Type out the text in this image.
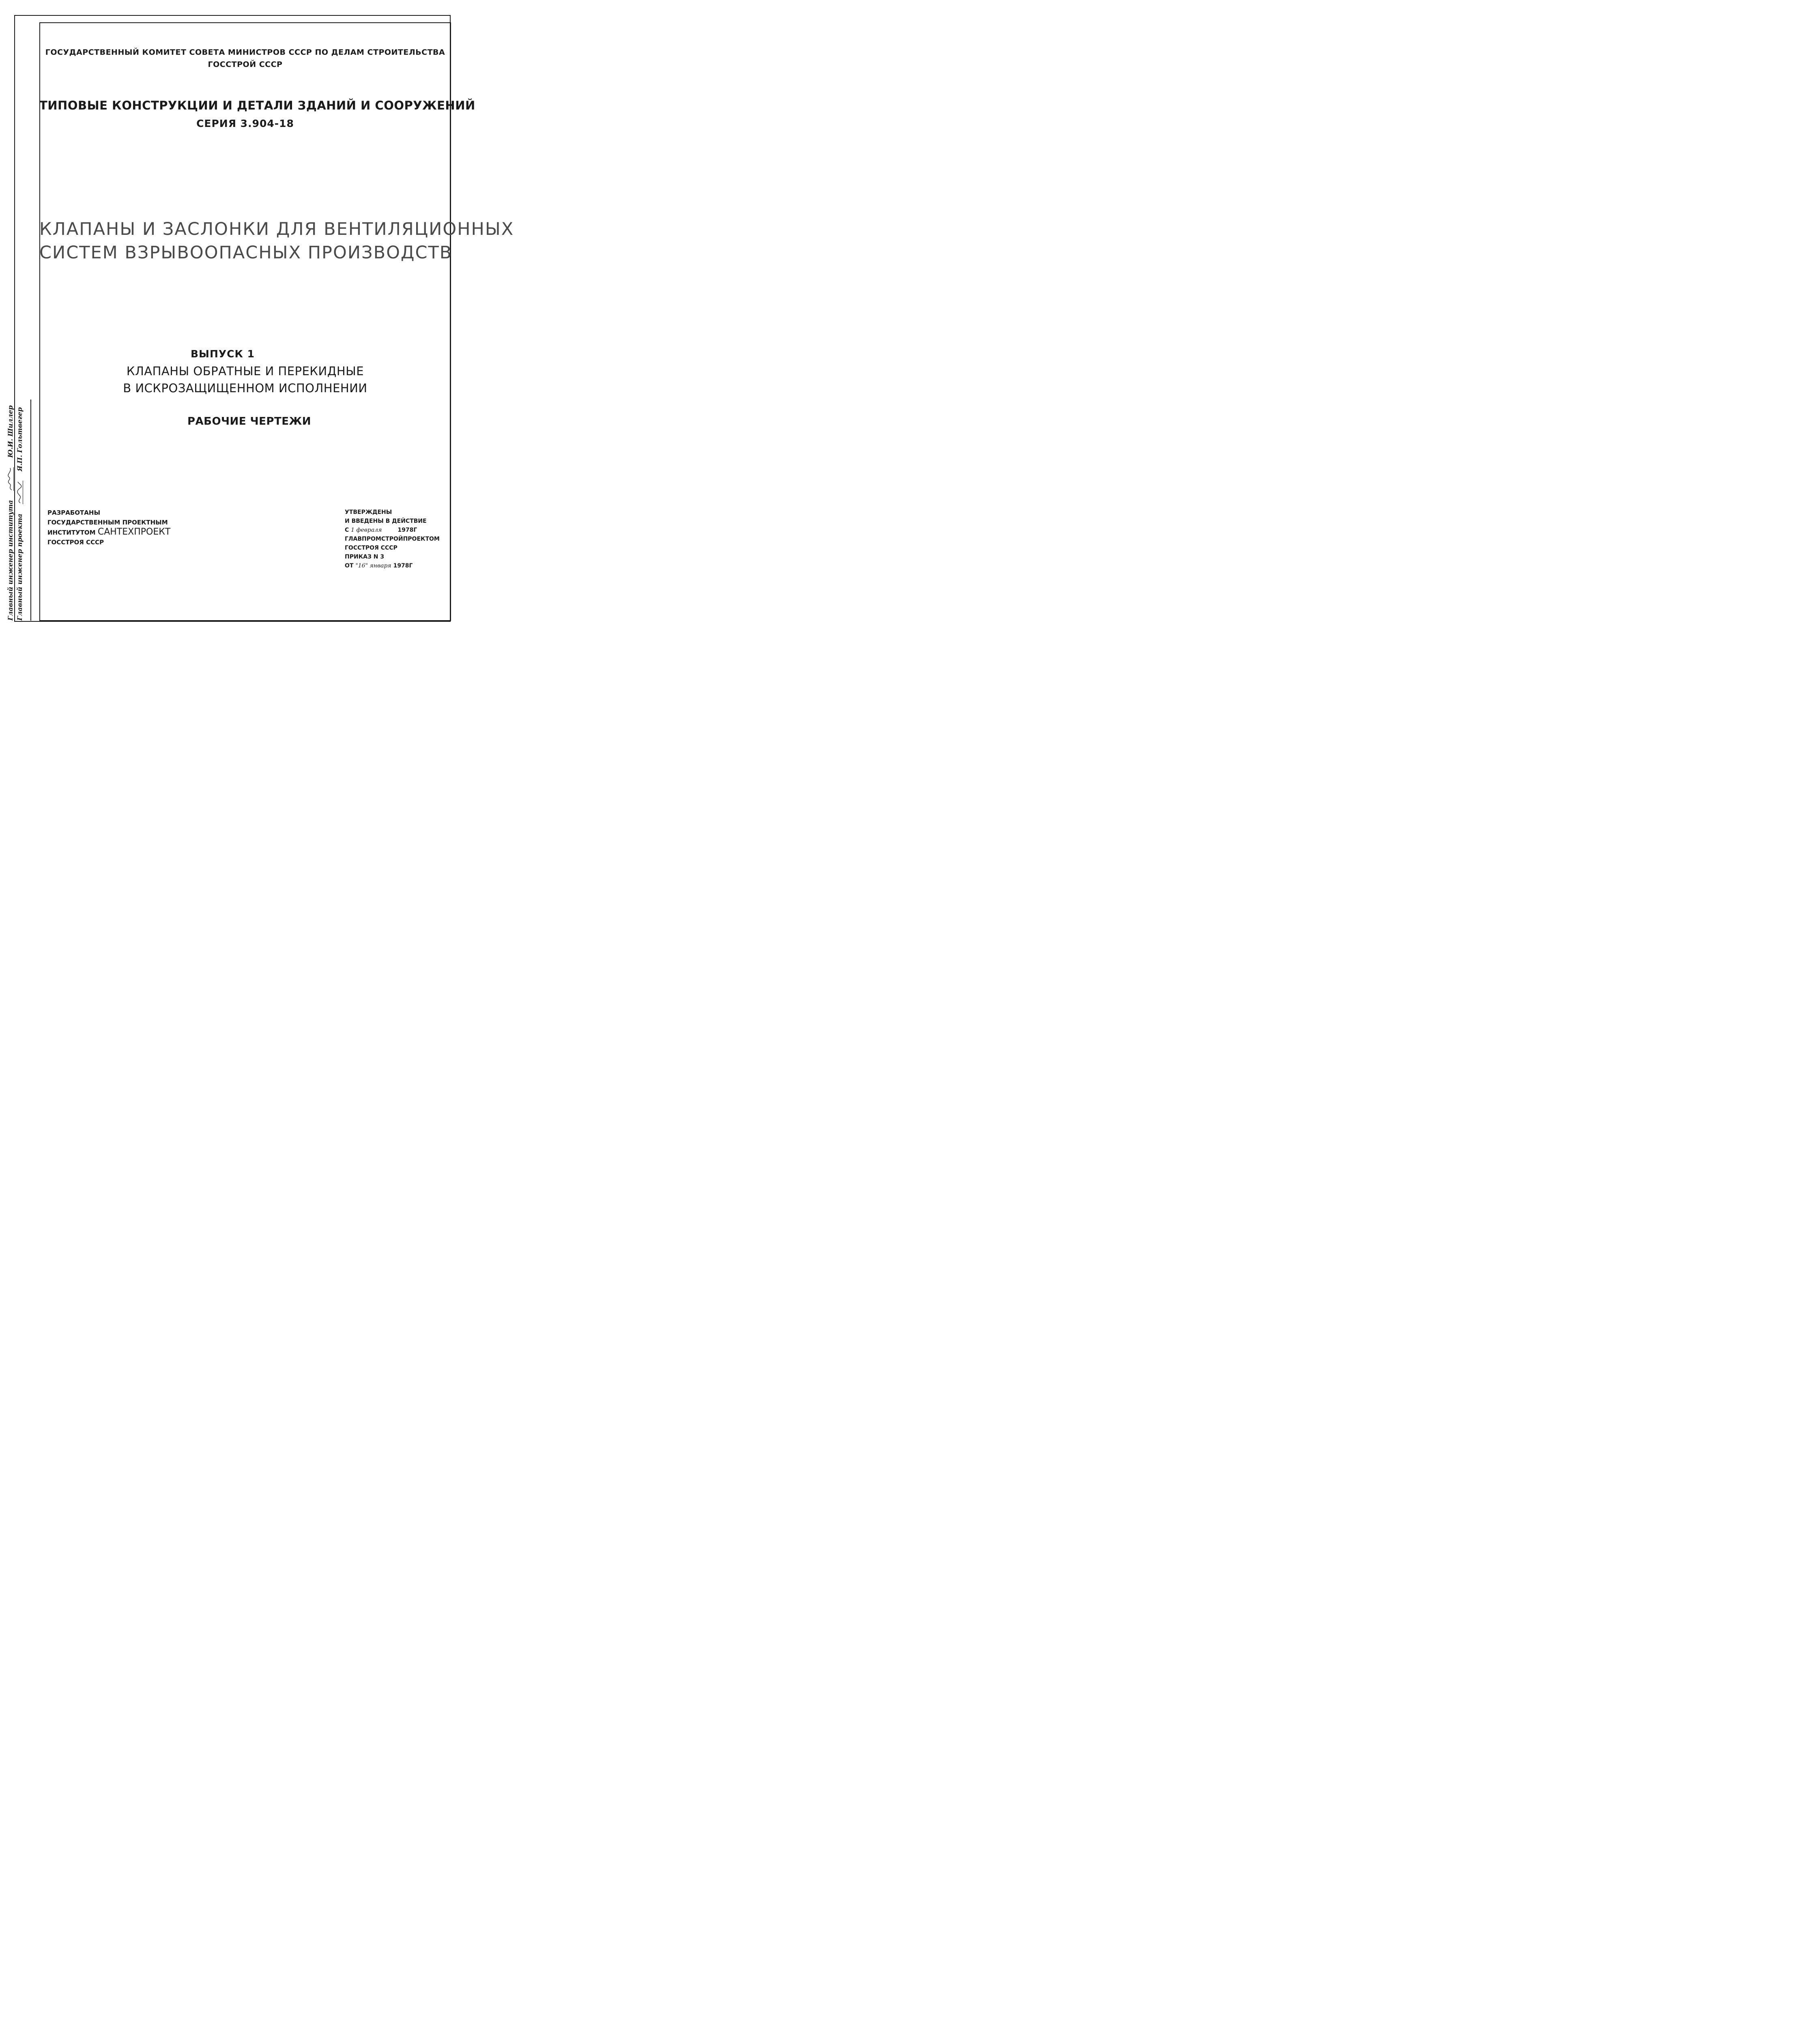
ГОСУДАРСТВЕННЫЙ КОМИТЕТ СОВЕТА МИНИСТРОВ СССР ПО ДЕЛАМ СТРОИТЕЛЬСТВА
ГОССТРОЙ СССР
ТИПОВЫЕ КОНСТРУКЦИИ И ДЕТАЛИ ЗДАНИЙ И СООРУЖЕНИЙ
СЕРИЯ 3.904-18
КЛАПАНЫ И ЗАСЛОНКИ ДЛЯ ВЕНТИЛЯЦИОННЫХ
СИСТЕМ ВЗРЫВООПАСНЫХ ПРОИЗВОДСТВ
ВЫПУСК 1
КЛАПАНЫ ОБРАТНЫЕ И ПЕРЕКИДНЫЕ
В ИСКРОЗАЩИЩЕННОМ ИСПОЛНЕНИИ
РАБОЧИЕ ЧЕРТЕЖИ
РАЗРАБОТАНЫ
ГОСУДАРСТВЕННЫМ ПРОЕКТНЫМ
ИНСТИТУТОМ САНТЕХПРОЕКТ
ГОССТРОЯ СССР
УТВЕРЖДЕНЫ
И ВВЕДЕНЫ В ДЕЙСТВИЕ
С 1 февраля	1978Г
ГЛАВПРОМСТРОЙПРОЕКТОМ
ГОССТРОЯ СССР
ПРИКАЗ N 3
ОТ "16" января 1978Г
Главный инженер института
Ю.И. Шиллер
Главный инженер проекта
Я.П. Гольтвегер
